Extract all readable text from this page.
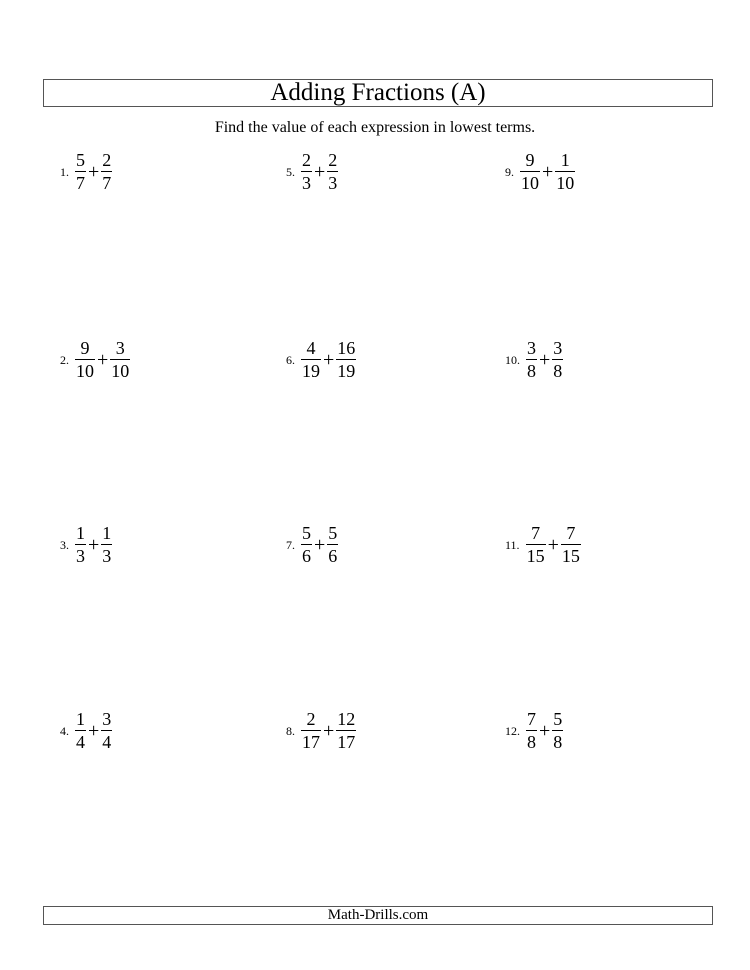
Adding Fractions (A)
Find the value of each expression in lowest terms.
1. $\frac{5}{7} + \frac{2}{7}$
2. $\frac{9}{10} + \frac{3}{10}$
3. $\frac{1}{3} + \frac{1}{3}$
4. $\frac{1}{4} + \frac{3}{4}$
5. $\frac{2}{3} + \frac{2}{3}$
6. $\frac{4}{19} + \frac{16}{19}$
7. $\frac{5}{6} + \frac{5}{6}$
8. $\frac{2}{17} + \frac{12}{17}$
9. $\frac{9}{10} + \frac{1}{10}$
10. $\frac{3}{8} + \frac{3}{8}$
11. $\frac{7}{15} + \frac{7}{15}$
12. $\frac{7}{8} + \frac{5}{8}$
Math-Drills.com
